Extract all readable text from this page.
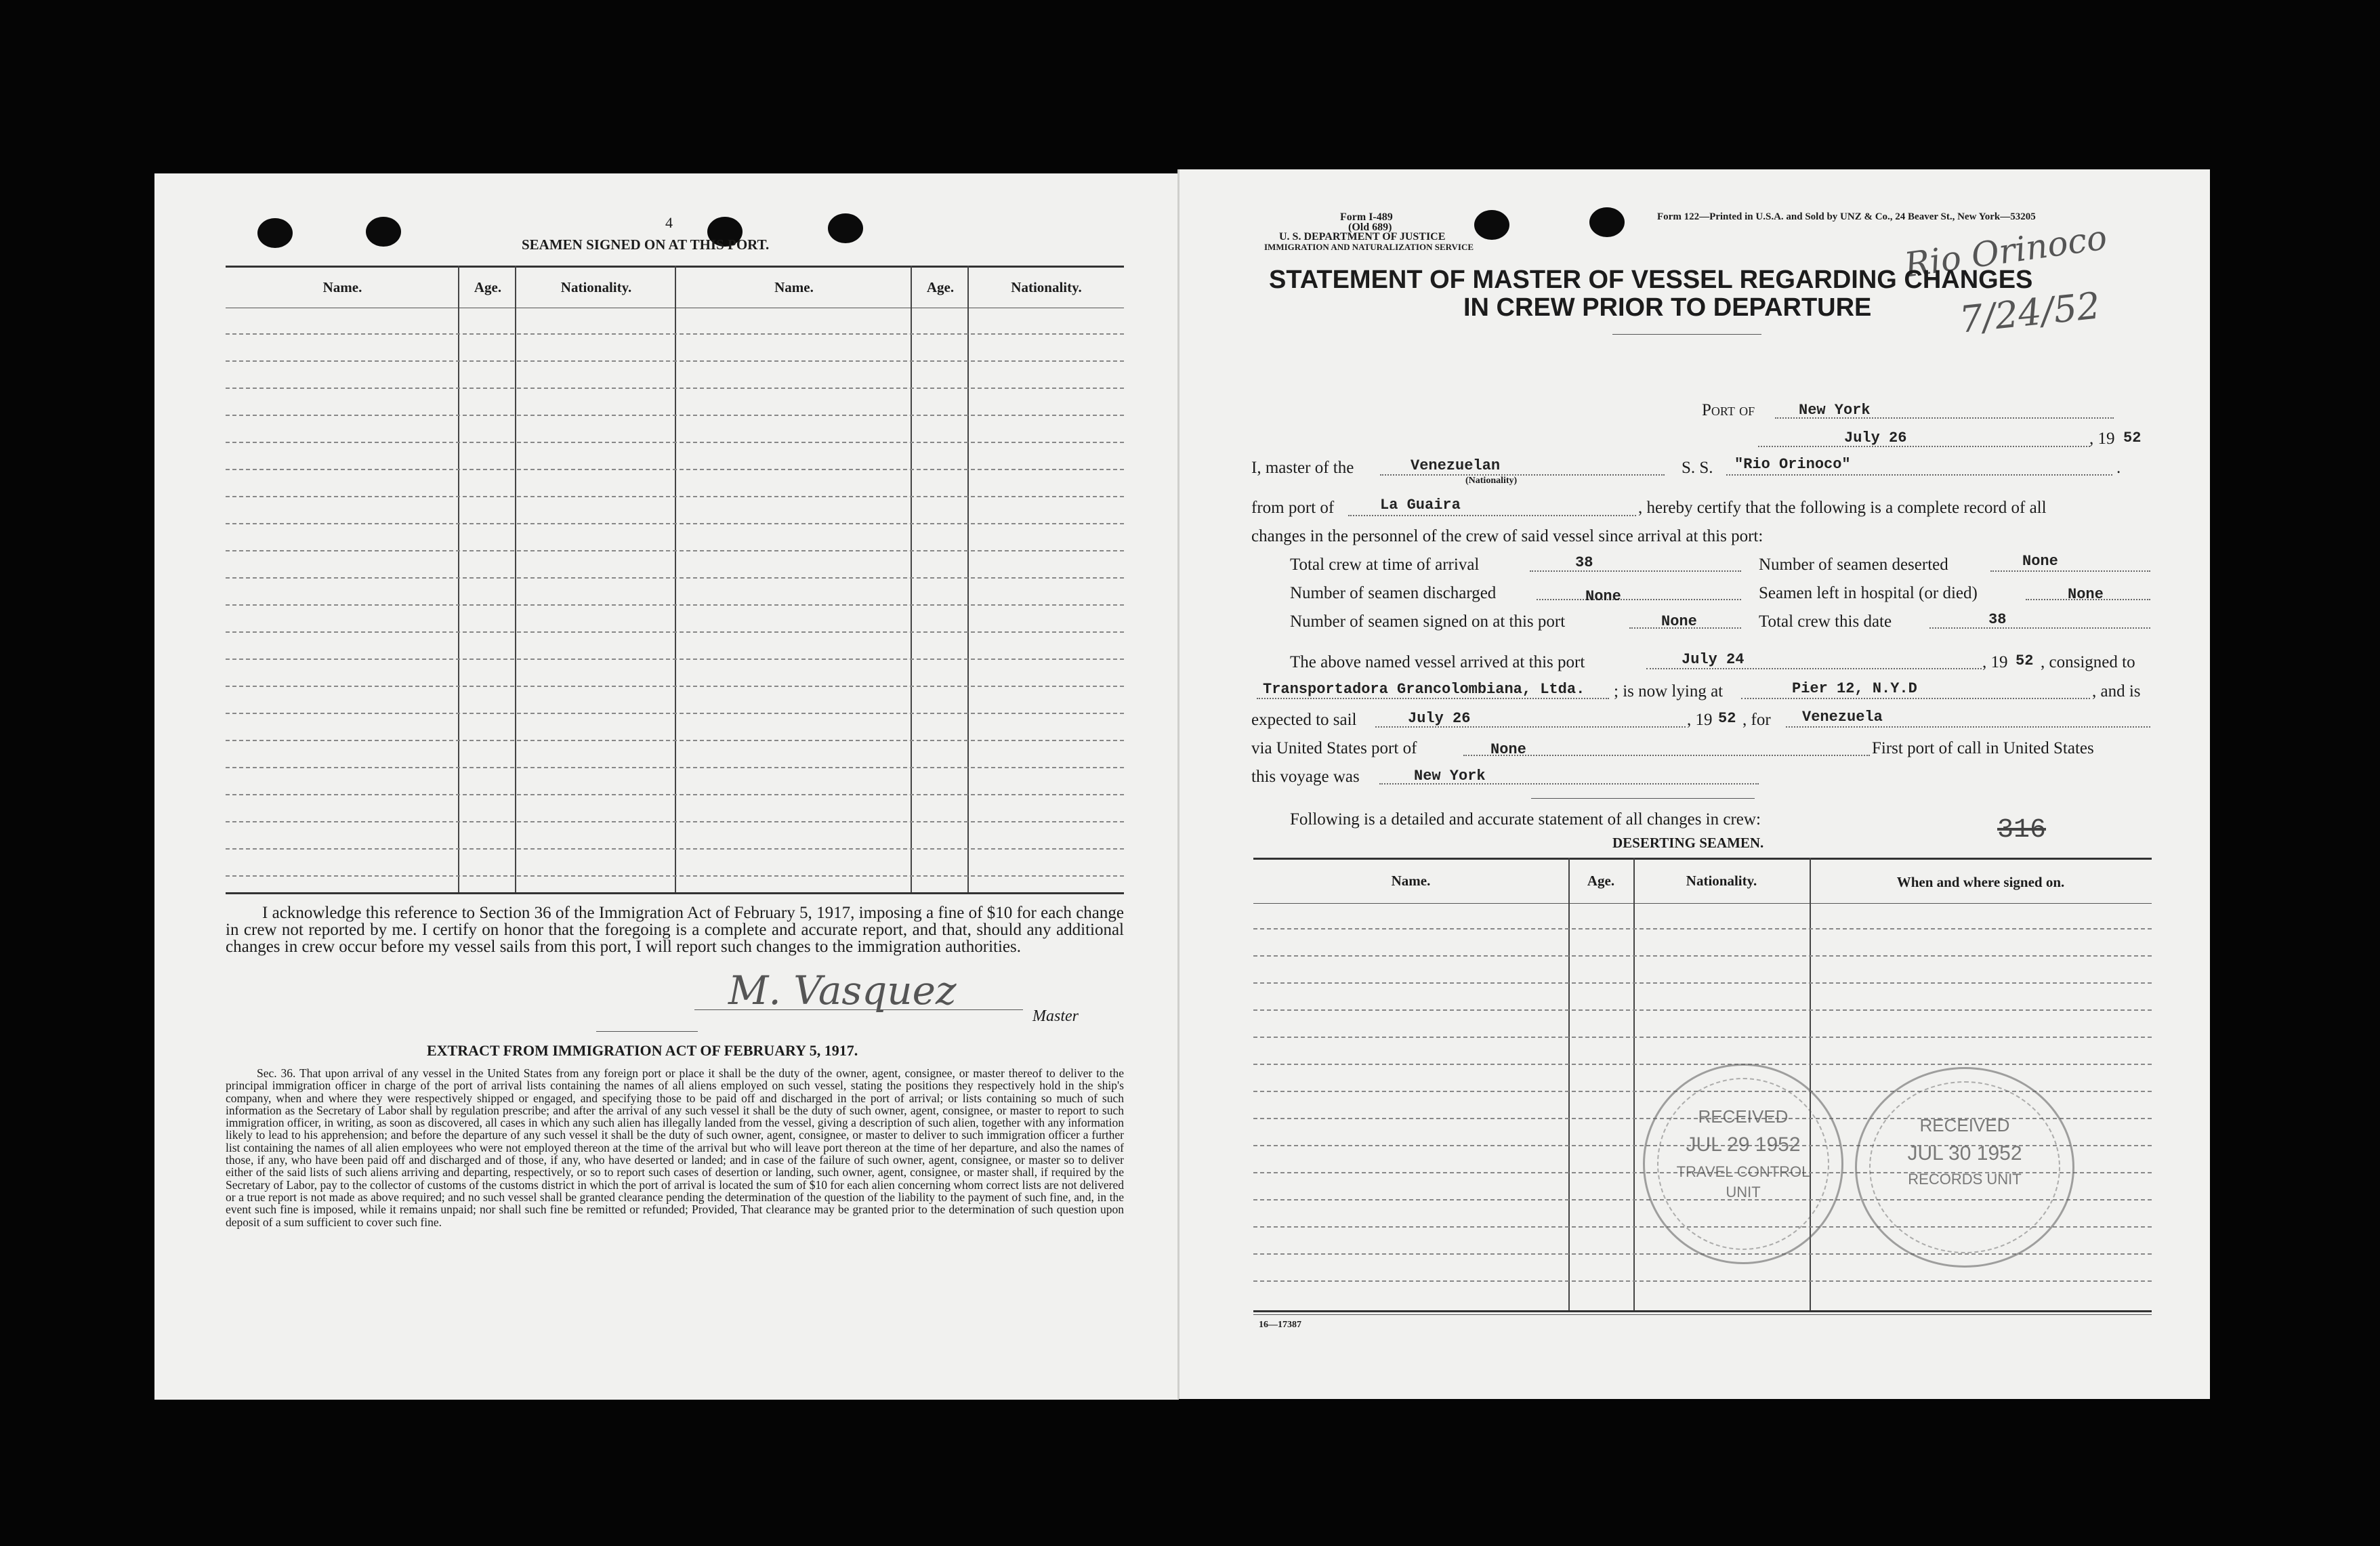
4
SEAMEN SIGNED ON AT THIS PORT.
Name.	Age.	Nationality.	Name.	Age.	Nationality.
I acknowledge this reference to Section 36 of the Immigration Act of February 5, 1917, imposing a fine of $10 for each change in crew not reported by me. I certify on honor that the foregoing is a complete and accurate report, and that, should any additional changes in crew occur before my vessel sails from this port, I will report such changes to the immigration authorities.
M. Vasquez
Master
EXTRACT FROM IMMIGRATION ACT OF FEBRUARY 5, 1917.
Sec. 36. That upon arrival of any vessel in the United States from any foreign port or place it shall be the duty of the owner, agent, consignee, or master thereof to deliver to the principal immigration officer in charge of the port of arrival lists containing the names of all aliens employed on such vessel, stating the positions they respectively hold in the ship's company, when and where they were respectively shipped or engaged, and specifying those to be paid off and discharged in the port of arrival; or lists containing so much of such information as the Secretary of Labor shall by regulation prescribe; and after the arrival of any such vessel it shall be the duty of such owner, agent, consignee, or master to report to such immigration officer, in writing, as soon as discovered, all cases in which any such alien has illegally landed from the vessel, giving a description of such alien, together with any information likely to lead to his apprehension; and before the departure of any such vessel it shall be the duty of such owner, agent, consignee, or master to deliver to such immigration officer a further list containing the names of all alien employees who were not employed thereon at the time of the arrival but who will leave port thereon at the time of her departure, and also the names of those, if any, who have been paid off and discharged and of those, if any, who have deserted or landed; and in case of the failure of such owner, agent, consignee, or master so to deliver either of the said lists of such aliens arriving and departing, respectively, or so to report such cases of desertion or landing, such owner, agent, consignee, or master shall, if required by the Secretary of Labor, pay to the collector of customs of the customs district in which the port of arrival is located the sum of $10 for each alien concerning whom correct lists are not delivered or a true report is not made as above required; and no such vessel shall be granted clearance pending the determination of the question of the liability to the payment of such fine, and, in the event such fine is imposed, while it remains unpaid; nor shall such fine be remitted or refunded; Provided, That clearance may be granted prior to the determination of such question upon deposit of a sum sufficient to cover such fine.
Form I-489
(Old 689)
U. S. DEPARTMENT OF JUSTICE
IMMIGRATION AND NATURALIZATION SERVICE
Form 122—Printed in U.S.A. and Sold by UNZ & Co., 24 Beaver St., New York—53205
Rio Orinoco
7/24/52
STATEMENT OF MASTER OF VESSEL REGARDING CHANGES
IN CREW PRIOR TO DEPARTURE
Port of	New York
July 26	, 19 52
I, master of the	Venezuelan
(Nationality)
S. S. "Rio Orinoco"	.
from port of	La Guaira	, hereby certify that the following is a complete record of all
changes in the personnel of the crew of said vessel since arrival at this port:
Total crew at time of arrival	38	Number of seamen deserted	None
Number of seamen discharged	None	Seamen left in hospital (or died)	None
Number of seamen signed on at this port	None	Total crew this date	38
The above named vessel arrived at this port	July 24	, 19 52 , consigned to
Transportadora Grancolombiana, Ltda. ; is now lying at	Pier 12, N.Y.D	, and is
expected to sail	July 26	, 19 52 , for Venezuela
via United States port of	None	First port of call in United States
this voyage was	New York
Following is a detailed and accurate statement of all changes in crew:	316
DESERTING SEAMEN.
Name.	Age.	Nationality.	When and where signed on.
16—17387
RECEIVED
JUL 29 1952
TRAVEL CONTROL UNIT
RECEIVED
JUL 30 1952
RECORDS UNIT
